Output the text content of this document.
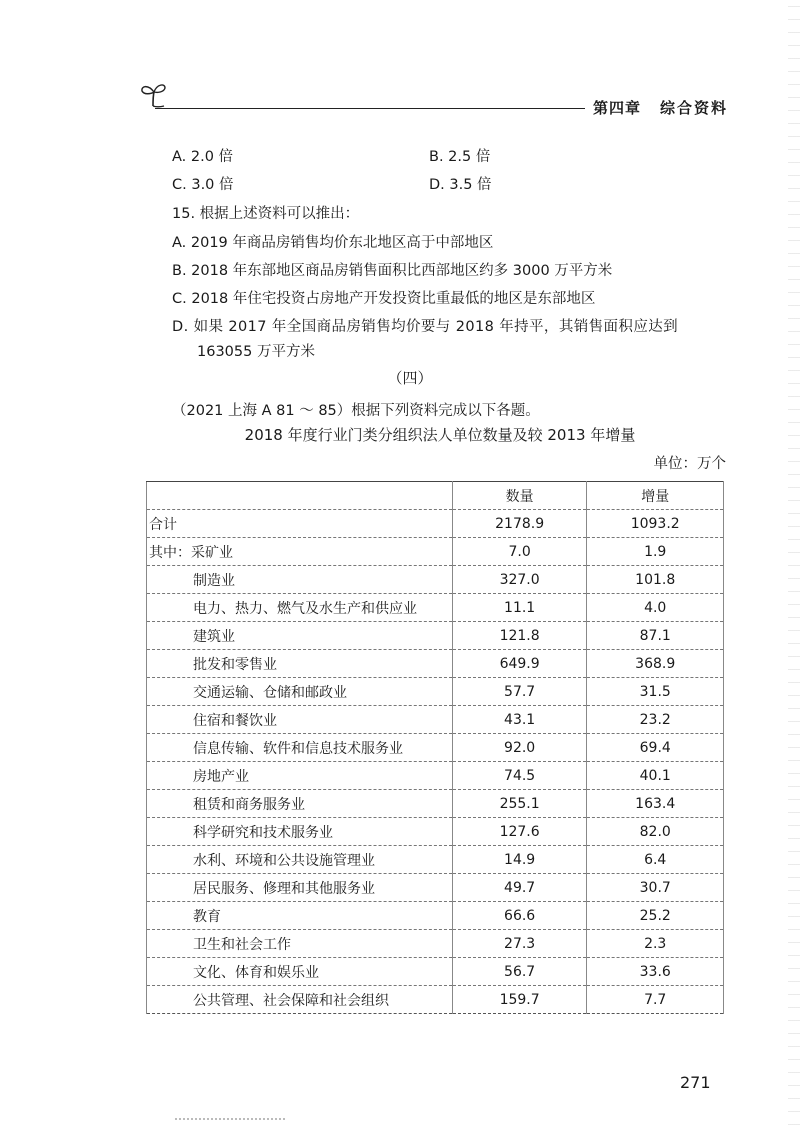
第四章 综合资料
A. 2.0 倍	B. 2.5 倍
C. 3.0 倍	D. 3.5 倍
15. 根据上述资料可以推出：
A. 2019 年商品房销售均价东北地区高于中部地区
B. 2018 年东部地区商品房销售面积比西部地区约多 3000 万平方米
C. 2018 年住宅投资占房地产开发投资比重最低的地区是东部地区
D. 如果 2017 年全国商品房销售均价要与 2018 年持平，其销售面积应达到
163055 万平方米
（四）
（2021 上海 A 81 ～ 85）根据下列资料完成以下各题。
2018 年度行业门类分组织法人单位数量及较 2013 年增量
单位：万个
	数量	增量
合计	2178.9	1093.2
其中：采矿业	7.0	1.9
制造业	327.0	101.8
电力、热力、燃气及水生产和供应业	11.1	4.0
建筑业	121.8	87.1
批发和零售业	649.9	368.9
交通运输、仓储和邮政业	57.7	31.5
住宿和餐饮业	43.1	23.2
信息传输、软件和信息技术服务业	92.0	69.4
房地产业	74.5	40.1
租赁和商务服务业	255.1	163.4
科学研究和技术服务业	127.6	82.0
水利、环境和公共设施管理业	14.9	6.4
居民服务、修理和其他服务业	49.7	30.7
教育	66.6	25.2
卫生和社会工作	27.3	2.3
文化、体育和娱乐业	56.7	33.6
公共管理、社会保障和社会组织	159.7	7.7
271
